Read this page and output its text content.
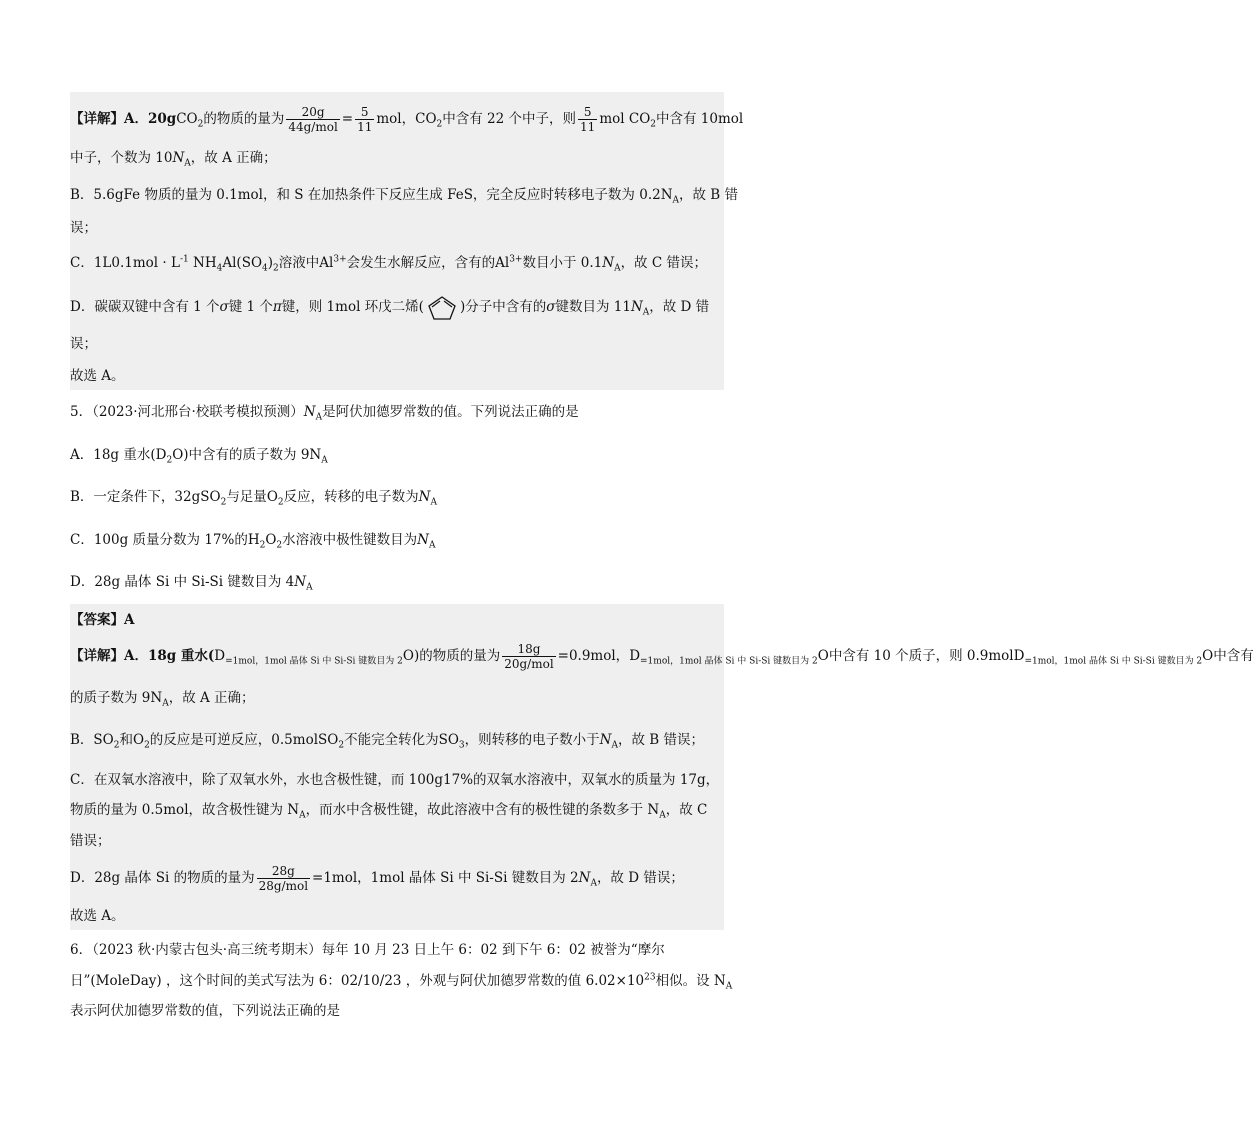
【详解】A．20gCO$_2$的物质的量为 $\frac{20g}{\text{44g/mol}} = \frac{5}{11}$ mol，$CO_2$中含有 22 个中子，则 $\frac{5}{11}$ mol $CO_2$中含有 10mol
中子，个数为 $10N_A$，故 A 正确；
B．5.6gFe 物质的量为 0.1mol，和 S 在加热条件下反应生成 FeS，完全反应时转移电子数为 $0.2N_A$，故 B 错
误；
C．$1L0.1mol \cdot L^{-1}$ $NH_4Al(SO_4)_2$溶液中$Al^{3+}$会发生水解反应，含有的$Al^{3+}$数目小于 $0.1N_A$，故 C 错误；
D．碳碳双键中含有 1 个σ键 1 个π键，则 1mol 环戊二烯(	)分子中含有的σ键数目为 $11N_A$，故 D 错
误；
故选 A。
5．（2023·河北邢台·校联考模拟预测）$N_A$是阿伏加德罗常数的值。下列说法正确的是
A．18g 重水$(D_2O)$中含有的质子数为 $9N_A$
B．一定条件下，32gSO$_2$与足量$O_2$反应，转移的电子数为$N_A$
C．100g 质量分数为 17%的$H_2O_2$水溶液中极性键数目为$N_A$
D．28g 晶体 Si 中 Si-Si 键数目为 $4N_A$
【答案】A
【详解】A．18g 重水$(D_{=1mol,1mol 晶体 Si 中 Si-Si 键数目为 2}O)$的物质的量为 $\frac{18g}{\text{20g/mol}} =0.9mol$，$D_{=1mol,1mol 晶体 Si 中 Si-Si 键数目为 2}O$中含有 10 个质子，则 0.9molD$_{=1mol,1mol 晶体 Si 中 Si-Si 键数目为 2}$O中含有
的质子数为 $9N_A$，故 A 正确；
B．$SO_2$和$O_2$的反应是可逆反应，0.5molSO$_2$不能完全转化为$SO_3$，则转移的电子数小于$N_A$，故 B 错误；
C．在双氧水溶液中，除了双氧水外，水也含极性键，而 100g17%的双氧水溶液中，双氧水的质量为 17g，
物质的量为 0.5mol，故含极性键为 $N_A$，而水中含极性键，故此溶液中含有的极性键的条数多于 $N_A$，故 C
错误；
D．28g 晶体 Si 的物质的量为 $\frac{28g}{\text{28g/mol}} =1mol$，1mol 晶体 Si 中 Si-Si 键数目为 $2N_A$，故 D 错误；
故选 A。
6．（2023 秋·内蒙古包头·高三统考期末）每年 10 月 23 日上午 6：02 到下午 6：02 被誉为“摩尔
日”(MoleDay) ，这个时间的美式写法为 6：02/10/23 ，外观与阿伏加德罗常数的值 $6.02\times 10^{23}$相似。设 $N_A$
表示阿伏加德罗常数的值，下列说法正确的是
